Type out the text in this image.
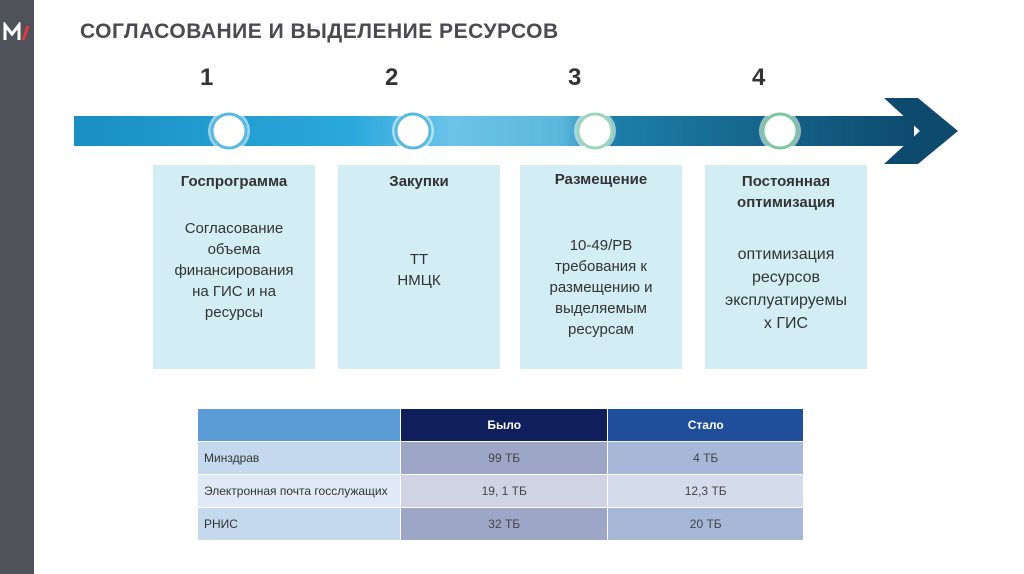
СОГЛАСОВАНИЕ И ВЫДЕЛЕНИЕ РЕСУРСОВ
1	2	3	4
Госпрограмма
Согласование
объема
финансирования
на ГИС и на
ресурсы
Закупки
ТТ
НМЦК
Размещение
10-49/РВ
требования к
размещению и
выделяемым
ресурсам
Постоянная
оптимизация
оптимизация
ресурсов
эксплуатируемы
х ГИС
	Было	Стало
Минздрав	99 ТБ	4 ТБ
Электронная почта госслужащих	19, 1 ТБ	12,3 ТБ
РНИС	32 ТБ	20 ТБ
